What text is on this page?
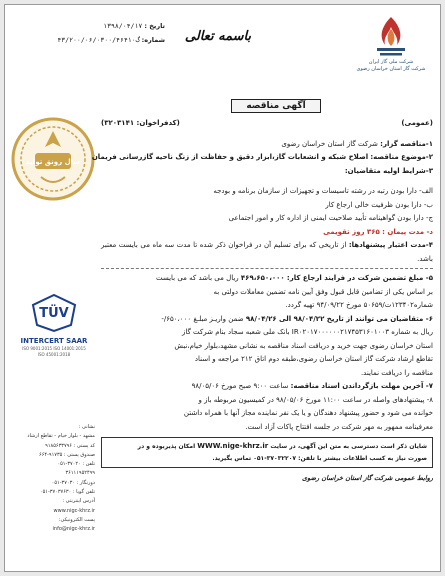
شرکت ملی گاز ایران
شرکت گاز استان خراسان رضوی
باسمه تعالی
تاریخ : ۱۳۹۸/۰۴/۱۷
شماره: گ۴۳/۲۰۰/۰۶/۰۳۰۰/۴۶۴۱۰
سال رونق تولید
TÜV
INTERCERT SAAR
ISO 9001:2015 ISO 14001:2015 ISO 45001:2018
نشانی :
مشهد - بلوار خیام - تقاطع ارشاد
کد پستی : ۹۱۸۵۶۳۳۷۹۶
صندوق پستی : ۹۱۷۳۵-۶۶۴
تلفن : ۳۷۰۲۰-۰۵۱
۳۶۱۱۱۹۵۲۴۹۹
دورنگار : ۳۷۰۳۰-۰۵۱
تلفن گویا : ۳۷۰۳۷۶۳۰-۰۵۱
آدرس اینترنتی :
www.nigc-khrz.ir
پست الکترونیکی:
info@nigc-khrz.ir
آگهی مناقصه
(عمومی)
(کدفراخوان: ۳۲۰۳۱۴۱)

۱-مناقصه گزار: شرکت گاز استان خراسان رضوی

۲-موضوع مناقصه: اصلاح شبکه و انشعابات گاز،ابزار دقیق و حفاظت از زنگ ناحیه گازرسانی فریمان

۳-شرایط اولیه متقاضیان:

الف- دارا بودن رتبه در رشته تاسیسات و تجهیزات از سازمان برنامه و بودجه

ب- دارا بودن ظرفیت خالی ارجاع کار

ج- دارا بودن گواهینامه تأیید صلاحیت ایمنی از اداره کار و امور اجتماعی

د- مدت پیمان : ۳۶۵ روز تقویمی

۴-مدت اعتبار پیشنهادها: از تاریخی که برای تسلیم آن در فراخوان ذکر شده تا مدت سه ماه می بایست معتبر باشد.

۵- مبلغ تضمین شرکت در فرایند ارجاع کار: ۴۶۹،۶۵۰،۰۰۰ ریال می باشد که می بایست

بر اساس یکی از تضامین قابل قبول وفق آیین نامه تضمین معاملات دولتی به

شماره۱۲۳۴۰۲ت/۵۰۶۵۹ مورخ ۹۴/۰۹/۲۲ تهیه گردد.

۶- متقاضیان می توانند از تاریخ ۹۸/۰۴/۲۲ الی ۹۸/۰۴/۲۶ ضمن واریـز مبلـغ ۶۵۰،۰۰۰/-

ریال به شماره IR۰۲۰۱۷۰۰۰۰۰۰۲۱۷۴۵۳۱۶۰۱۰۰۳ بانک ملی شعبه سجاد بنام شرکت گاز

استان خراسان رضوی جهت خرید و دریافت اسناد مناقصه به نشانی مشهد،بلوار خیام،نبش

تقاطع ارشاد شرکت گاز استان خراسان رضوی،طبقه دوم اتاق ۲۱۲ مراجعه و اسناد

مناقصه را دریافت نمایند.

۷- آخرین مهلت بازگرداندن اسناد مناقصه: ساعت ۹:۰۰ صبح مورخ ۹۸/۰۵/۰۶

۸- پیشنهادهای واصله در ساعت ۱۱:۰۰ مورخ ۹۸/۰۵/۰۶ در کمیسیون مربوطه باز و

خوانده می شود و حضور پیشنهاد دهندگان و یا یک نفر نماینده مجاز آنها با همراه داشتن

معرفینامه ممهور به مهر شرکت در جلسه افتتاح پاکات آزاد است.

شایان ذکر است دسترسی به متن این آگهی، در سایت WWW.nige-khrz.ir امکان پذیربوده و در
صورت نیاز به کسب اطلاعات بیشتر با تلفن: ۳۷۰۳۲۲۰۷-۰۵۱ تماس بگیرید.
روابط عمومی شرکت گاز استان خراسان رضوی
